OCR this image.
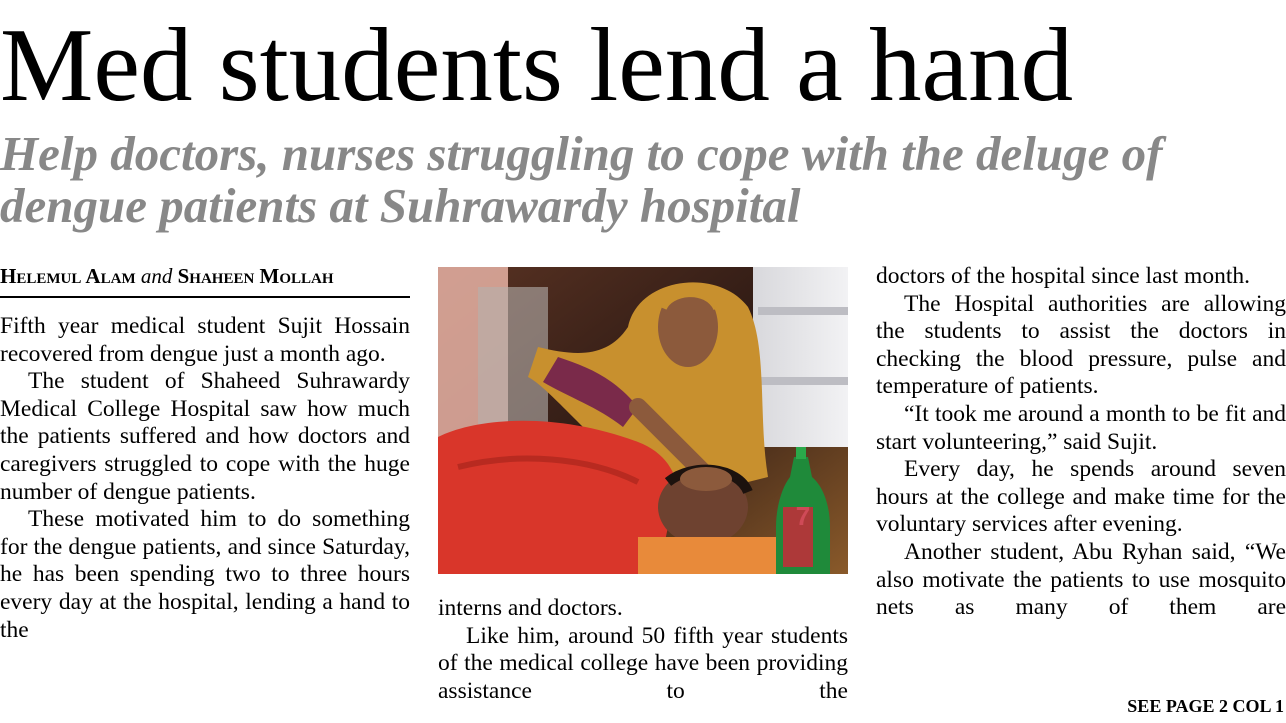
Med students lend a hand
Help doctors, nurses struggling to cope with the deluge of dengue patients at Suhrawardy hospital
Helemul Alam and Shaheen Mollah

Fifth year medical student Sujit Hossain recovered from dengue just a month ago.

The student of Shaheed Suhrawardy Medical College Hospital saw how much the patients suffered and how doctors and caregivers struggled to cope with the huge number of dengue patients.

These motivated him to do something for the dengue patients, and since Saturday, he has been spending two to three hours every day at the hospital, lending a hand to the

interns and doctors.

Like him, around 50 fifth year students of the medical college have been providing assistance to the

doctors of the hospital since last month.

The Hospital authorities are allowing the students to assist the doctors in checking the blood pressure, pulse and temperature of patients.

“It took me around a month to be fit and start volunteering,” said Sujit.

Every day, he spends around seven hours at the college and make time for the voluntary services after evening.

Another student, Abu Ryhan said, “We also motivate the patients to use mosquito nets as many of them are

SEE PAGE 2 COL 1
